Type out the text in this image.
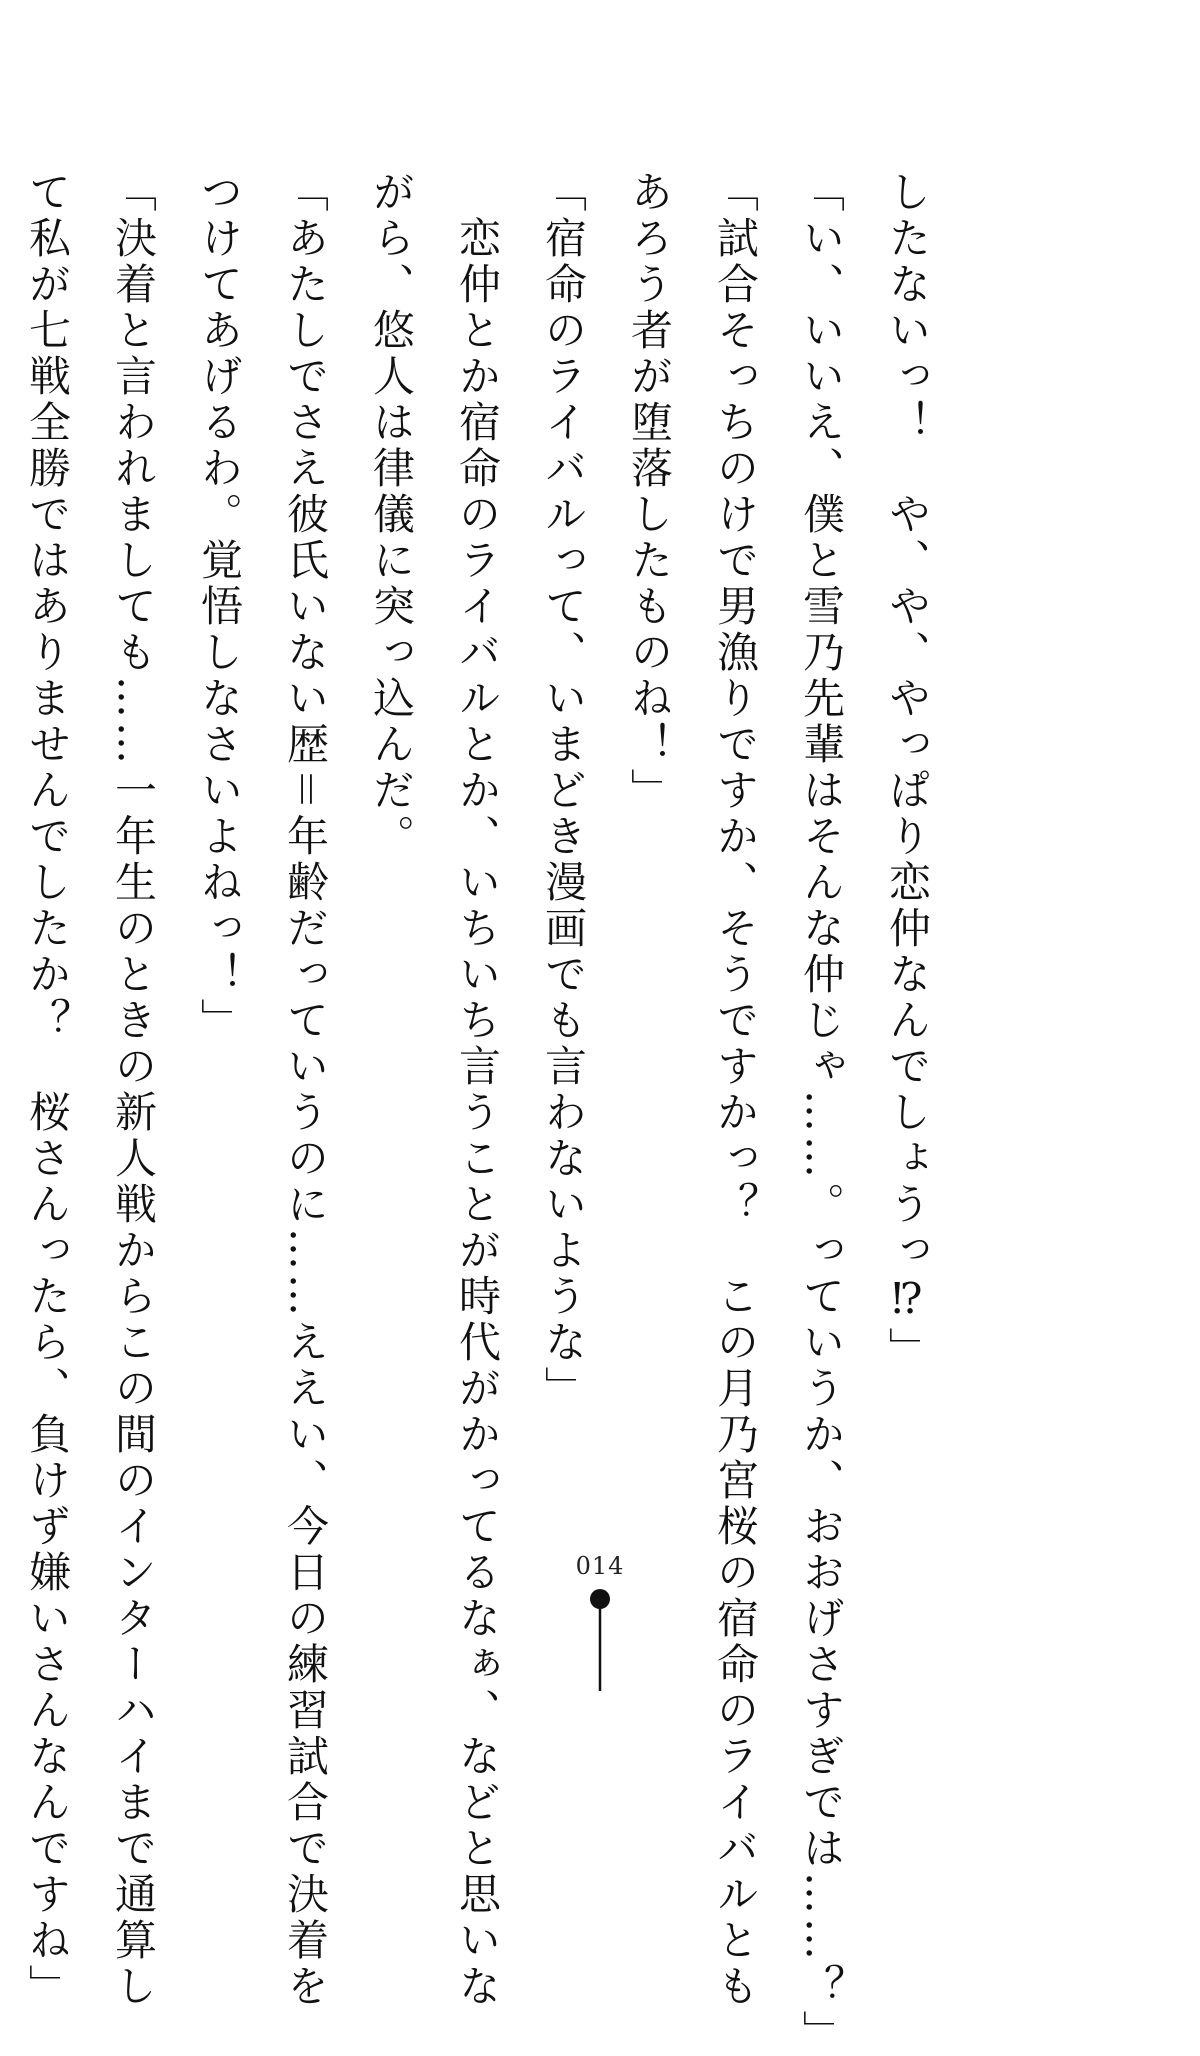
したないっ！　や、や、やっぱり恋仲なんでしょうっ⁉︎」
「い、いいえ、僕と雪乃先輩はそんな仲じゃ……。っていうか、おおげさすぎでは……？」
「試合そっちのけで男漁りですか、そうですかっ？　この月乃宮桜の宿命のライバルとも
あろう者が堕落したものね！」
「宿命のライバルって、いまどき漫画でも言わないような」
　恋仲とか宿命のライバルとか、いちいち言うことが時代がかってるなぁ、などと思いな
がら、悠人は律儀に突っ込んだ。
「あたしでさえ彼氏いない歴＝年齢だっていうのに……ええい、今日の練習試合で決着を
つけてあげるわ。覚悟しなさいよねっ！」
「決着と言われましても……一年生のときの新人戦からこの間のインターハイまで通算し
て私が七戦全勝ではありませんでしたか？　桜さんったら、負けず嫌いさんなんですね」	014
